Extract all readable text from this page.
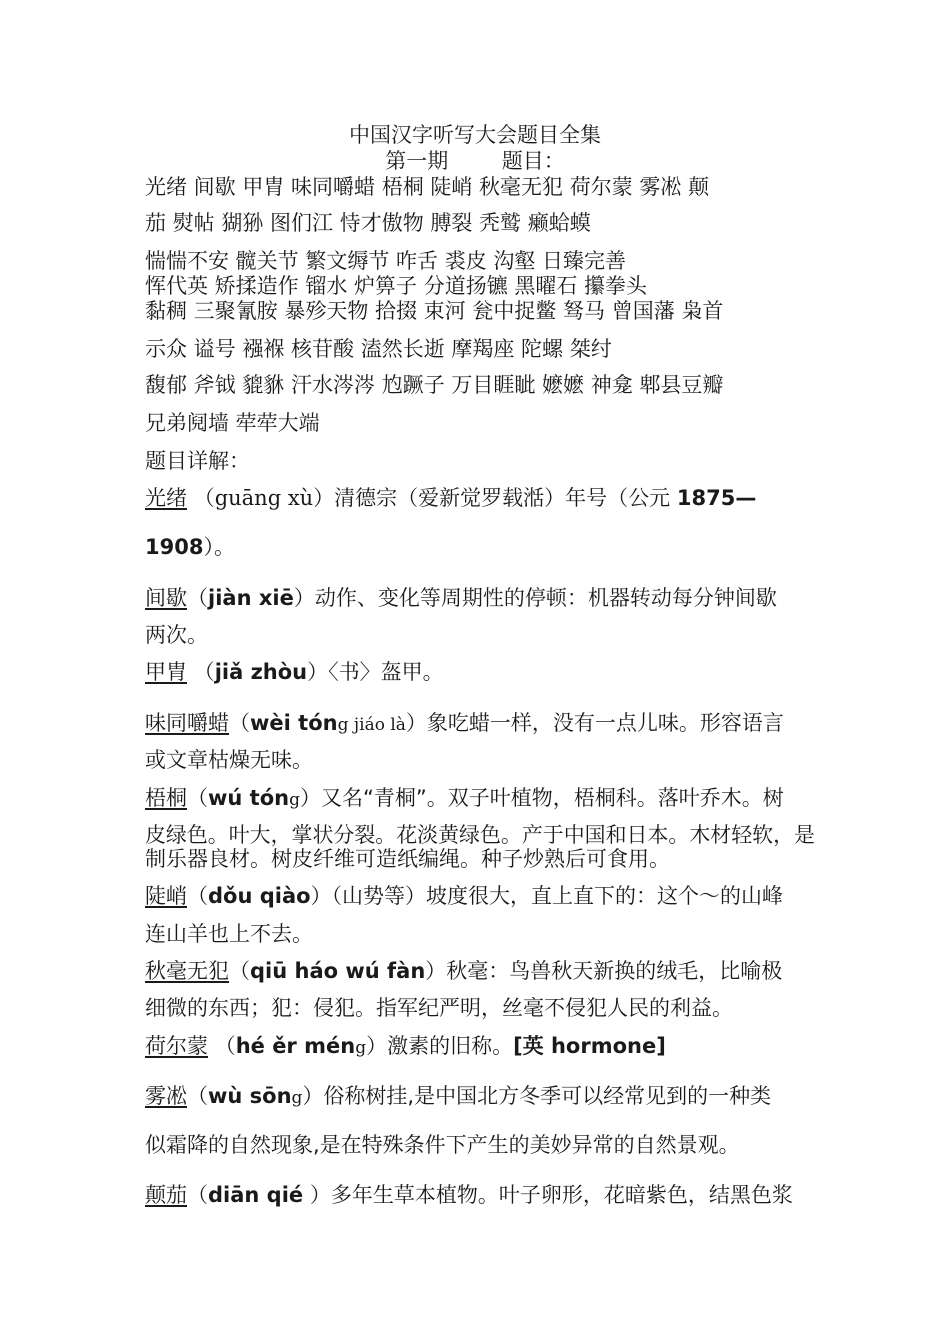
中国汉字听写大会题目全集
第一期        题目：
光绪 间歇 甲胄 味同嚼蜡 梧桐 陡峭 秋毫无犯 荷尔蒙 雾凇 颠
茄 熨帖 猢狲 图们江 恃才傲物 膊裂 秃鹫 癞蛤蟆
惴惴不安 髋关节 繁文缛节 咋舌 裘皮 沟壑 日臻完善
恽代英 矫揉造作 镏水 炉箅子 分道扬镳 黑曜石 攥拳头
黏稠 三聚氰胺 暴殄天物 拾掇 束河 瓮中捉鳖 驽马 曾国藩 枭首
示众 谥号 襁褓 核苷酸 溘然长逝 摩羯座 陀螺 桀纣
馥郁 斧钺 貔貅 汗水涔涔 尥蹶子 万目睚眦 嬷嬷 神龛 郫县豆瓣
兄弟阋墙 荦荦大端
题目详解：
光绪 （guāng xù）清德宗（爱新觉罗载湉）年号（公元 1875—
1908）。
间歇（jiàn xiē）动作、变化等周期性的停顿：机器转动每分钟间歇
两次。
甲胄 （jiǎ zhòu）〈书〉盔甲。
味同嚼蜡（wèi tóng jiáo là）象吃蜡一样，没有一点儿味。形容语言
或文章枯燥无味。
梧桐（wú tóng）又名“青桐”。双子叶植物，梧桐科。落叶乔木。树
皮绿色。叶大，掌状分裂。花淡黄绿色。产于中国和日本。木材轻软，是
制乐器良材。树皮纤维可造纸编绳。种子炒熟后可食用。
陡峭（dǒu qiào）（山势等）坡度很大，直上直下的：这个～的山峰
连山羊也上不去。
秋毫无犯（qiū háo wú fàn）秋毫：鸟兽秋天新换的绒毛，比喻极
细微的东西；犯：侵犯。指军纪严明，丝毫不侵犯人民的利益。
荷尔蒙 （hé ěr méng）激素的旧称。[英 hormone]
雾凇（wù sōng）俗称树挂,是中国北方冬季可以经常见到的一种类
似霜降的自然现象,是在特殊条件下产生的美妙异常的自然景观。
颠茄（diān qié ）多年生草本植物。叶子卵形，花暗紫色，结黑色浆
